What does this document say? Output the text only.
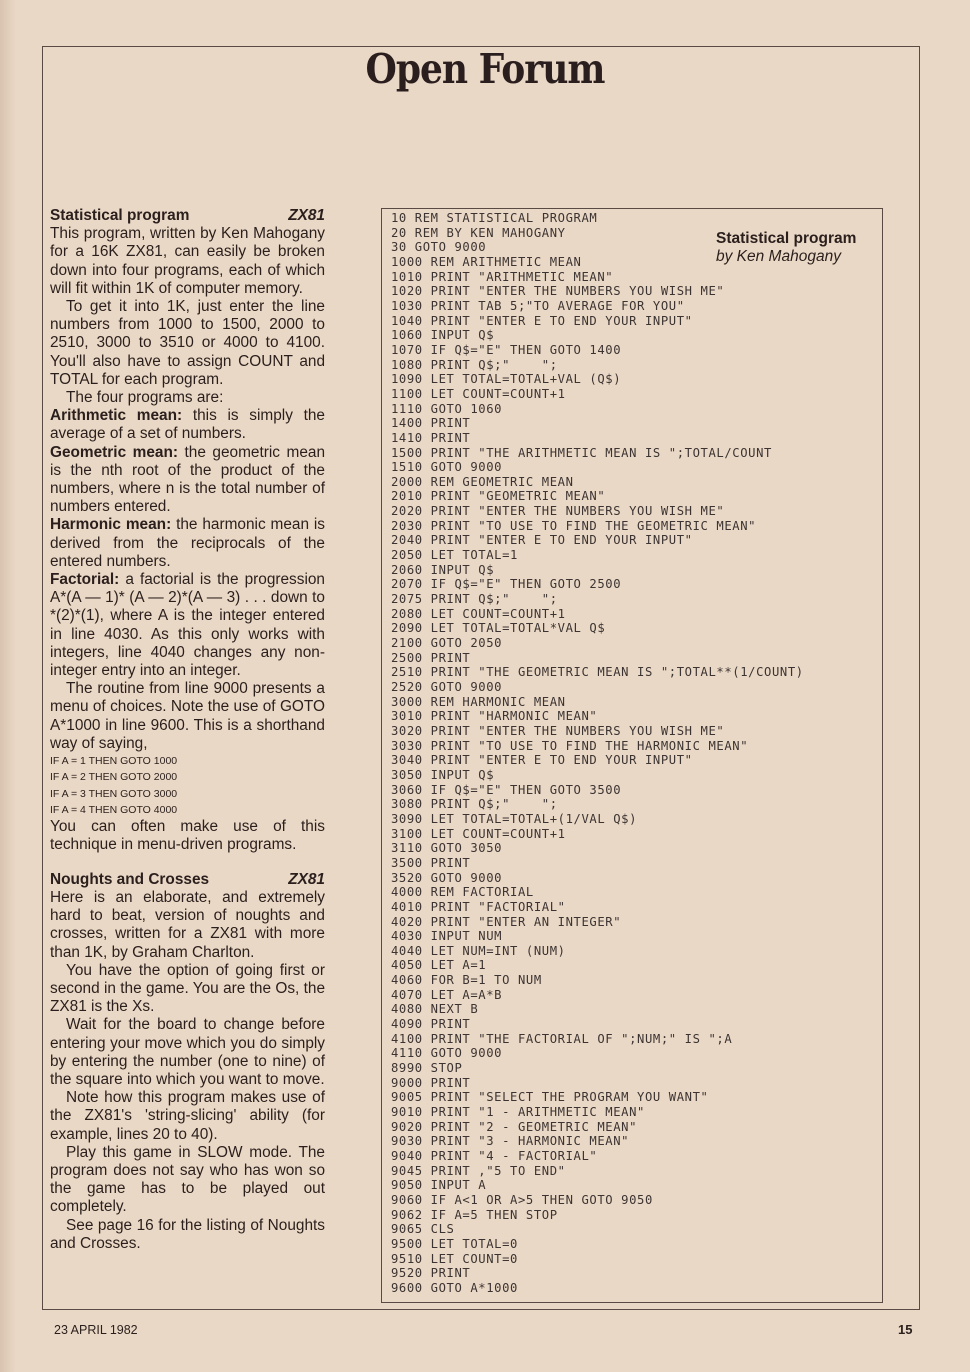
Open Forum
Statistical program	ZX81

This program, written by Ken Mahogany for a 16K ZX81, can easily be broken down into four programs, each of which will fit within 1K of computer memory.

To get it into 1K, just enter the line numbers from 1000 to 1500, 2000 to 2510, 3000 to 3510 or 4000 to 4100. You'll also have to assign COUNT and TOTAL for each program.

The four programs are:

Arithmetic mean: this is simply the average of a set of numbers.

Geometric mean: the geometric mean is the nth root of the product of the numbers, where n is the total number of numbers entered.

Harmonic mean: the harmonic mean is derived from the reciprocals of the entered numbers.

Factorial: a factorial is the progression A*(A — 1)* (A — 2)*(A — 3) . . . down to *(2)*(1), where A is the integer entered in line 4030. As this only works with integers, line 4040 changes any non-integer entry into an integer.

The routine from line 9000 presents a menu of choices. Note the use of GOTO A*1000 in line 9600. This is a shorthand way of saying,

IF A = 1 THEN GOTO 1000
IF A = 2 THEN GOTO 2000
IF A = 3 THEN GOTO 3000
IF A = 4 THEN GOTO 4000

You can often make use of this technique in menu-driven programs.

Noughts and Crosses	ZX81

Here is an elaborate, and extremely hard to beat, version of noughts and crosses, written for a ZX81 with more than 1K, by Graham Charlton.

You have the option of going first or second in the game. You are the Os, the ZX81 is the Xs.

Wait for the board to change before entering your move which you do simply by entering the number (one to nine) of the square into which you want to move.

Note how this program makes use of the ZX81's 'string-slicing' ability (for example, lines 20 to 40).

Play this game in SLOW mode. The program does not say who has won so the game has to be played out completely.

See page 16 for the listing of Noughts and Crosses.

10 REM STATISTICAL PROGRAM
20 REM BY KEN MAHOGANY
30 GOTO 9000
1000 REM ARITHMETIC MEAN
1010 PRINT "ARITHMETIC MEAN"
1020 PRINT "ENTER THE NUMBERS YOU WISH ME"
1030 PRINT TAB 5;"TO AVERAGE FOR YOU"
1040 PRINT "ENTER E TO END YOUR INPUT"
1060 INPUT Q$
1070 IF Q$="E" THEN GOTO 1400
1080 PRINT Q$;"    ";
1090 LET TOTAL=TOTAL+VAL (Q$)
1100 LET COUNT=COUNT+1
1110 GOTO 1060
1400 PRINT
1410 PRINT
1500 PRINT "THE ARITHMETIC MEAN IS ";TOTAL/COUNT
1510 GOTO 9000
2000 REM GEOMETRIC MEAN
2010 PRINT "GEOMETRIC MEAN"
2020 PRINT "ENTER THE NUMBERS YOU WISH ME"
2030 PRINT "TO USE TO FIND THE GEOMETRIC MEAN"
2040 PRINT "ENTER E TO END YOUR INPUT"
2050 LET TOTAL=1
2060 INPUT Q$
2070 IF Q$="E" THEN GOTO 2500
2075 PRINT Q$;"    ";
2080 LET COUNT=COUNT+1
2090 LET TOTAL=TOTAL*VAL Q$
2100 GOTO 2050
2500 PRINT
2510 PRINT "THE GEOMETRIC MEAN IS ";TOTAL**(1/COUNT)
2520 GOTO 9000
3000 REM HARMONIC MEAN
3010 PRINT "HARMONIC MEAN"
3020 PRINT "ENTER THE NUMBERS YOU WISH ME"
3030 PRINT "TO USE TO FIND THE HARMONIC MEAN"
3040 PRINT "ENTER E TO END YOUR INPUT"
3050 INPUT Q$
3060 IF Q$="E" THEN GOTO 3500
3080 PRINT Q$;"    ";
3090 LET TOTAL=TOTAL+(1/VAL Q$)
3100 LET COUNT=COUNT+1
3110 GOTO 3050
3500 PRINT
3520 GOTO 9000
4000 REM FACTORIAL
4010 PRINT "FACTORIAL"
4020 PRINT "ENTER AN INTEGER"
4030 INPUT NUM
4040 LET NUM=INT (NUM)
4050 LET A=1
4060 FOR B=1 TO NUM
4070 LET A=A*B
4080 NEXT B
4090 PRINT
4100 PRINT "THE FACTORIAL OF ";NUM;" IS ";A
4110 GOTO 9000
8990 STOP
9000 PRINT
9005 PRINT "SELECT THE PROGRAM YOU WANT"
9010 PRINT "1 - ARITHMETIC MEAN"
9020 PRINT "2 - GEOMETRIC MEAN"
9030 PRINT "3 - HARMONIC MEAN"
9040 PRINT "4 - FACTORIAL"
9045 PRINT ,"5 TO END"
9050 INPUT A
9060 IF A<1 OR A>5 THEN GOTO 9050
9062 IF A=5 THEN STOP
9065 CLS
9500 LET TOTAL=0
9510 LET COUNT=0
9520 PRINT
9600 GOTO A*1000
Statistical program
by Ken Mahogany
23 APRIL 1982	15
